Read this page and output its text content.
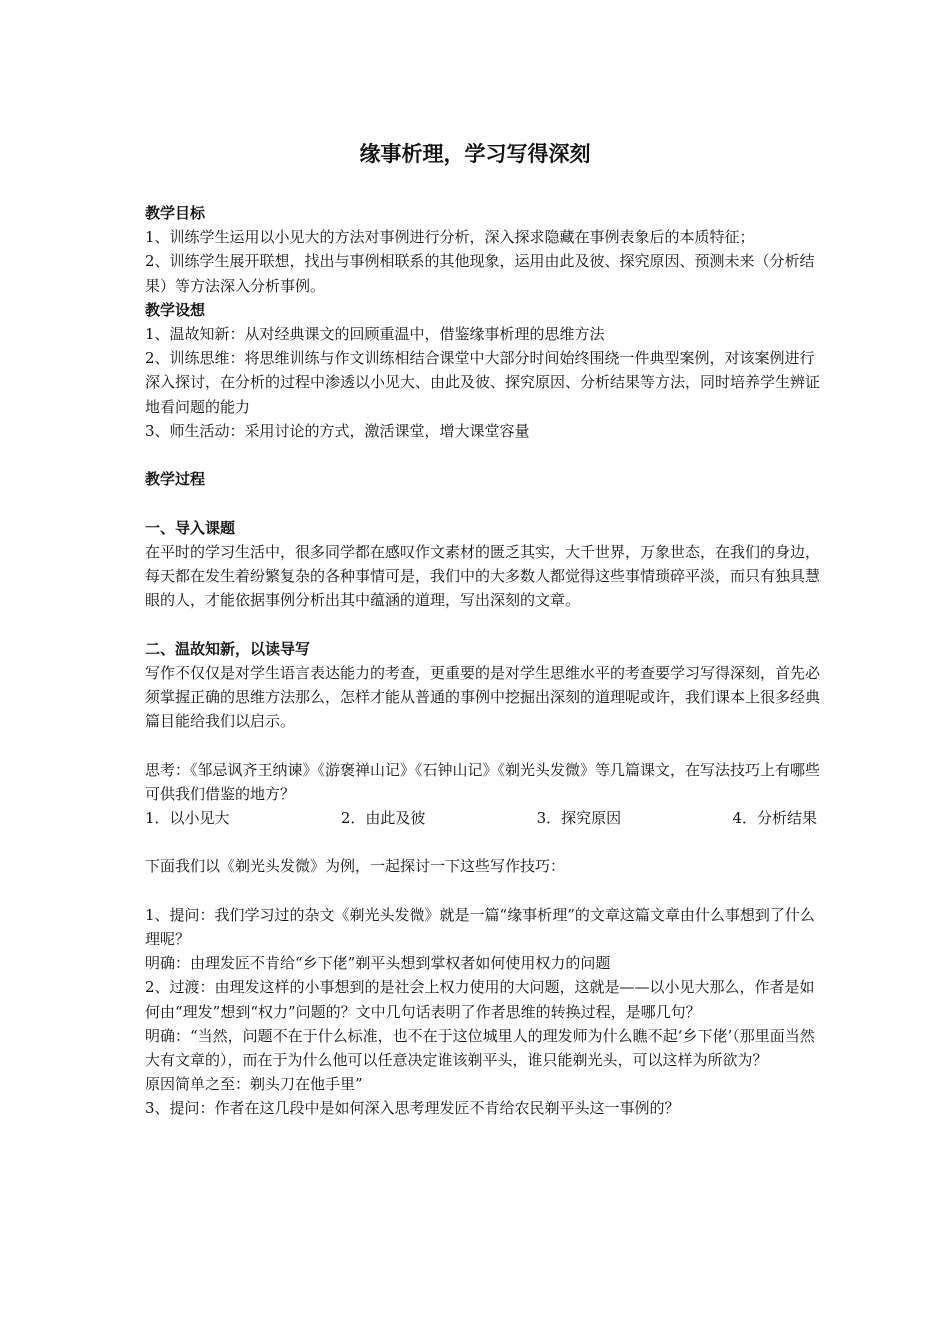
缘事析理，学习写得深刻

教学目标

1、训练学生运用以小见大的方法对事例进行分析，深入探求隐藏在事例表象后的本质特征；

2、训练学生展开联想，找出与事例相联系的其他现象，运用由此及彼、探究原因、预测未来（分析结果）等方法深入分析事例。

教学设想

1、温故知新：从对经典课文的回顾重温中，借鉴缘事析理的思维方法

2、训练思维：将思维训练与作文训练相结合课堂中大部分时间始终围绕一件典型案例，对该案例进行深入探讨，在分析的过程中渗透以小见大、由此及彼、探究原因、分析结果等方法，同时培养学生辨证地看问题的能力

3、师生活动：采用讨论的方式，激活课堂，增大课堂容量

教学过程

一、导入课题

在平时的学习生活中，很多同学都在感叹作文素材的匮乏其实，大千世界，万象世态，在我们的身边，每天都在发生着纷繁复杂的各种事情可是，我们中的大多数人都觉得这些事情琐碎平淡，而只有独具慧眼的人，才能依据事例分析出其中蕴涵的道理，写出深刻的文章。

二、温故知新，以读导写

写作不仅仅是对学生语言表达能力的考查，更重要的是对学生思维水平的考查要学习写得深刻，首先必须掌握正确的思维方法那么，怎样才能从普通的事例中挖掘出深刻的道理呢或许，我们课本上很多经典篇目能给我们以启示。

思考：《邹忌讽齐王纳谏》《游褒禅山记》《石钟山记》《剃光头发微》等几篇课文，在写法技巧上有哪些可供我们借鉴的地方？

1．以小见大	2．由此及彼	3．探究原因	4．分析结果

下面我们以《剃光头发微》为例，一起探讨一下这些写作技巧：

1、提问：我们学习过的杂文《剃光头发微》就是一篇“缘事析理”的文章这篇文章由什么事想到了什么理呢？

明确：由理发匠不肯给“乡下佬”剃平头想到掌权者如何使用权力的问题

2、过渡：由理发这样的小事想到的是社会上权力使用的大问题，这就是——以小见大那么，作者是如何由“理发”想到“权力”问题的？文中几句话表明了作者思维的转换过程，是哪几句？

明确：“当然，问题不在于什么标准，也不在于这位城里人的理发师为什么瞧不起‘乡下佬’（那里面当然大有文章的），而在于为什么他可以任意决定谁该剃平头，谁只能剃光头，可以这样为所欲为？

原因简单之至：剃头刀在他手里”

3、提问：作者在这几段中是如何深入思考理发匠不肯给农民剃平头这一事例的？
